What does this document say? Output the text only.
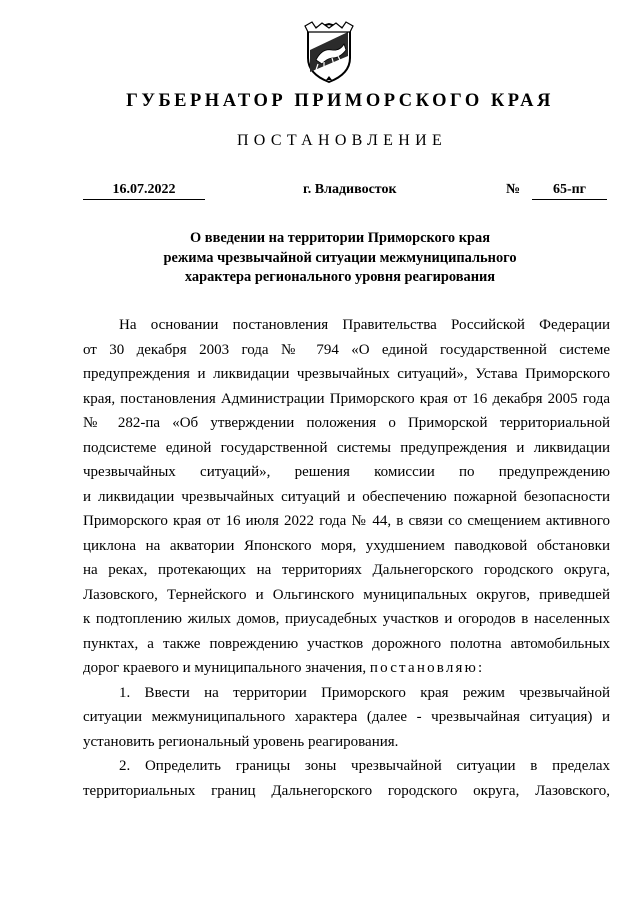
ГУБЕРНАТОР ПРИМОРСКОГО КРАЯ
ПОСТАНОВЛЕНИЕ
16.07.2022	г. Владивосток	№	65-пг
О введении на территории Приморского края
режима чрезвычайной ситуации межмуниципального
характера регионального уровня реагирования
На основании постановления Правительства Российской Федерации
от 30 декабря 2003 года № 794 «О единой государственной системе
предупреждения и ликвидации чрезвычайных ситуаций», Устава Приморского
края, постановления Администрации Приморского края от 16 декабря 2005 года
№ 282-па «Об утверждении положения о Приморской территориальной
подсистеме единой государственной системы предупреждения и ликвидации
чрезвычайных ситуаций», решения комиссии по предупреждению
и ликвидации чрезвычайных ситуаций и обеспечению пожарной безопасности
Приморского края от 16 июля 2022 года № 44, в связи со смещением активного
циклона на акватории Японского моря, ухудшением паводковой обстановки
на реках, протекающих на территориях Дальнегорского городского округа,
Лазовского, Тернейского и Ольгинского муниципальных округов, приведшей
к подтоплению жилых домов, приусадебных участков и огородов в населенных
пунктах, а также повреждению участков дорожного полотна автомобильных
дорог краевого и муниципального значения, постановляю:
1. Ввести на территории Приморского края режим чрезвычайной
ситуации межмуниципального характера (далее - чрезвычайная ситуация) и
установить региональный уровень реагирования.
2. Определить границы зоны чрезвычайной ситуации в пределах
территориальных границ Дальнегорского городского округа, Лазовского,
